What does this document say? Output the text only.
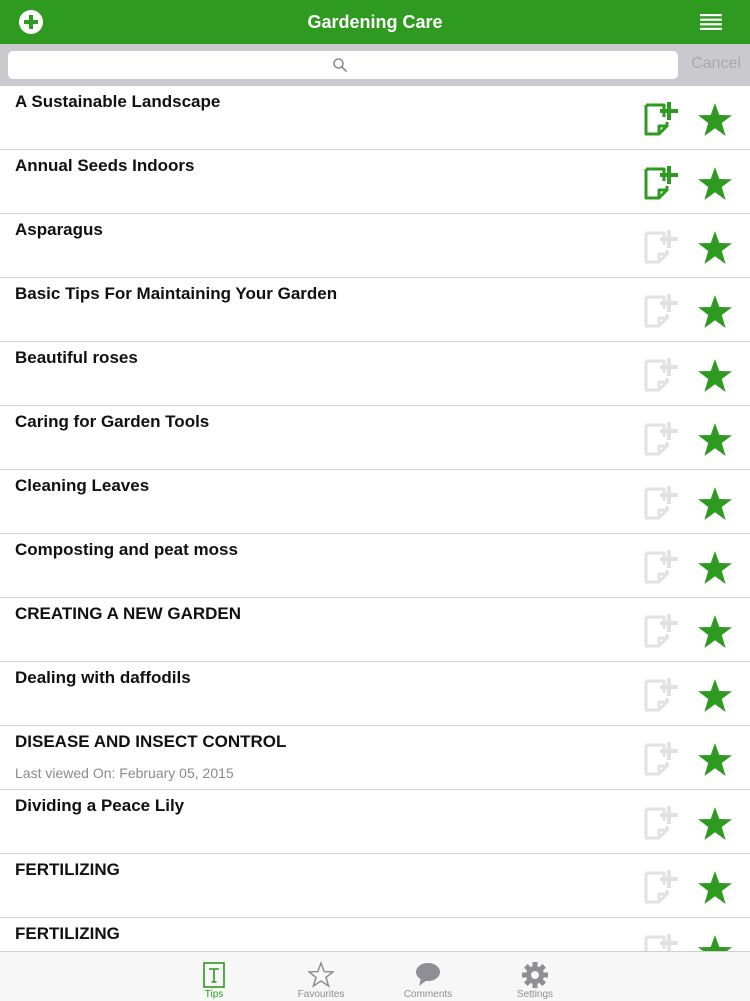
Gardening Care
Cancel
A Sustainable Landscape
Annual Seeds Indoors
Asparagus
Basic Tips For Maintaining Your Garden
Beautiful roses
Caring for Garden Tools
Cleaning Leaves
Composting and peat moss
CREATING A NEW GARDEN
Dealing with daffodils
DISEASE AND INSECT CONTROL
Last viewed On: February 05, 2015
Dividing a Peace Lily
FERTILIZING
FERTILIZING
Tips	Favourites	Comments	Settings
